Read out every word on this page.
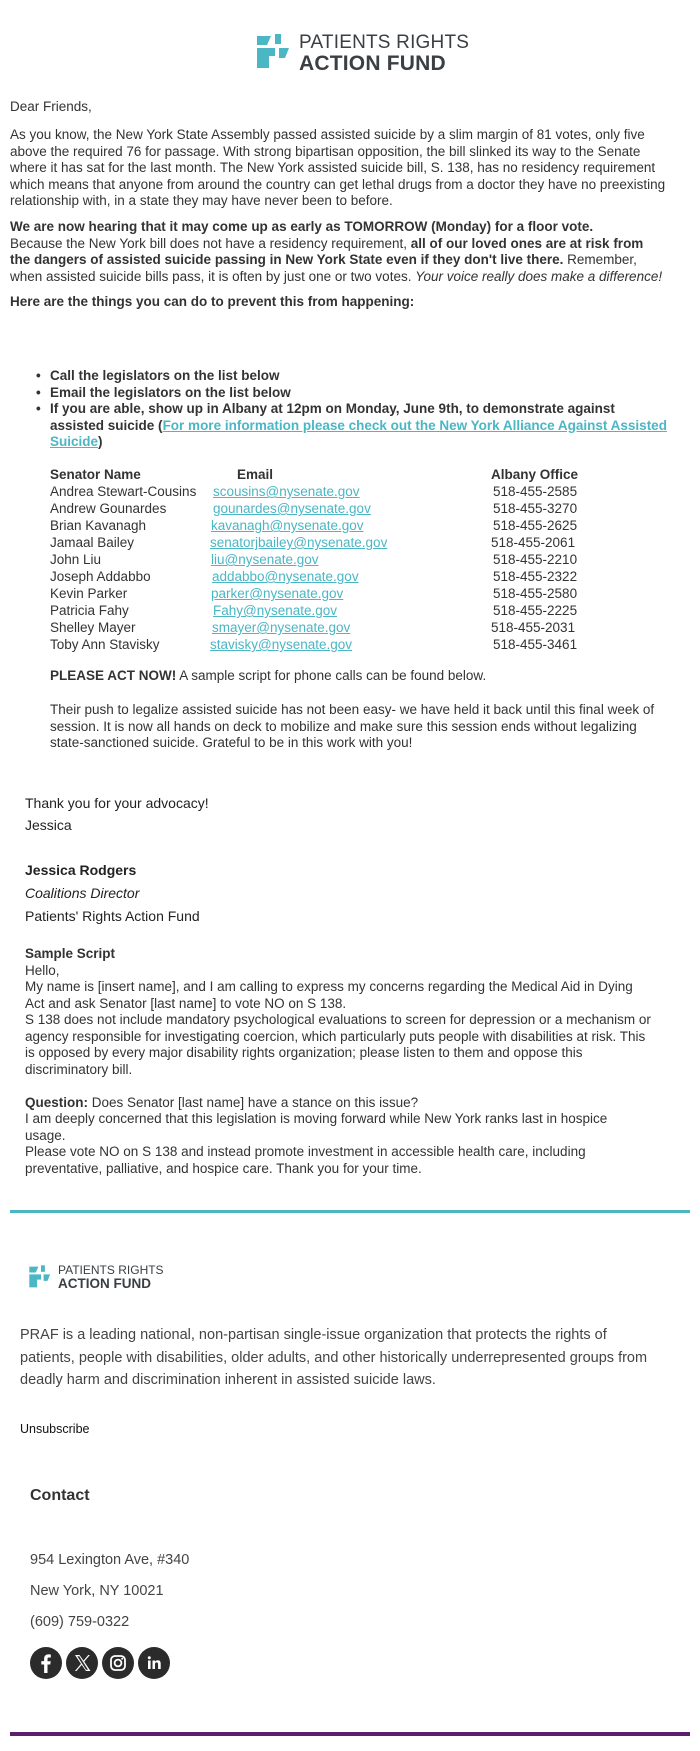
PATIENTS RIGHTS
ACTION FUND
Dear Friends,
As you know, the New York State Assembly passed assisted suicide by a slim margin of 81 votes, only five
above the required 76 for passage. With strong bipartisan opposition, the bill slinked its way to the Senate
where it has sat for the last month. The New York assisted suicide bill, S. 138, has no residency requirement
which means that anyone from around the country can get lethal drugs from a doctor they have no preexisting
relationship with, in a state they may have never been to before.
We are now hearing that it may come up as early as TOMORROW (Monday) for a floor vote.
Because the New York bill does not have a residency requirement, all of our loved ones are at risk from
the dangers of assisted suicide passing in New York State even if they don't live there. Remember,
when assisted suicide bills pass, it is often by just one or two votes. Your voice really does make a difference!
Here are the things you can do to prevent this from happening:
• Call the legislators on the list below
• Email the legislators on the list below
• If you are able, show up in Albany at 12pm on Monday, June 9th, to demonstrate against
assisted suicide (For more information please check out the New York Alliance Against Assisted
Suicide)
Senator Name	Email	Albany Office
Andrea Stewart-Cousins scousins@nysenate.gov	518-455-2585
Andrew Gounardes	gounardes@nysenate.gov	518-455-3270
Brian Kavanagh	kavanagh@nysenate.gov	518-455-2625
Jamaal Bailey	senatorjbailey@nysenate.gov	518-455-2061
John Liu	liu@nysenate.gov	518-455-2210
Joseph Addabbo	addabbo@nysenate.gov	518-455-2322
Kevin Parker	parker@nysenate.gov	518-455-2580
Patricia Fahy	Fahy@nysenate.gov	518-455-2225
Shelley Mayer	smayer@nysenate.gov	518-455-2031
Toby Ann Stavisky	stavisky@nysenate.gov	518-455-3461
PLEASE ACT NOW! A sample script for phone calls can be found below.
Their push to legalize assisted suicide has not been easy- we have held it back until this final week of
session. It is now all hands on deck to mobilize and make sure this session ends without legalizing
state-sanctioned suicide. Grateful to be in this work with you!
Thank you for your advocacy!
Jessica
Jessica Rodgers
Coalitions Director
Patients' Rights Action Fund
Sample Script
Hello,
My name is [insert name], and I am calling to express my concerns regarding the Medical Aid in Dying
Act and ask Senator [last name] to vote NO on S 138.
S 138 does not include mandatory psychological evaluations to screen for depression or a mechanism or
agency responsible for investigating coercion, which particularly puts people with disabilities at risk. This
is opposed by every major disability rights organization; please listen to them and oppose this
discriminatory bill.
Question: Does Senator [last name] have a stance on this issue?
I am deeply concerned that this legislation is moving forward while New York ranks last in hospice
usage.
Please vote NO on S 138 and instead promote investment in accessible health care, including
preventative, palliative, and hospice care. Thank you for your time.
PATIENTS RIGHTS
ACTION FUND
PRAF is a leading national, non-partisan single-issue organization that protects the rights of
patients, people with disabilities, older adults, and other historically underrepresented groups from
deadly harm and discrimination inherent in assisted suicide laws.
Unsubscribe
Contact
954 Lexington Ave, #340
New York, NY 10021
(609) 759-0322
